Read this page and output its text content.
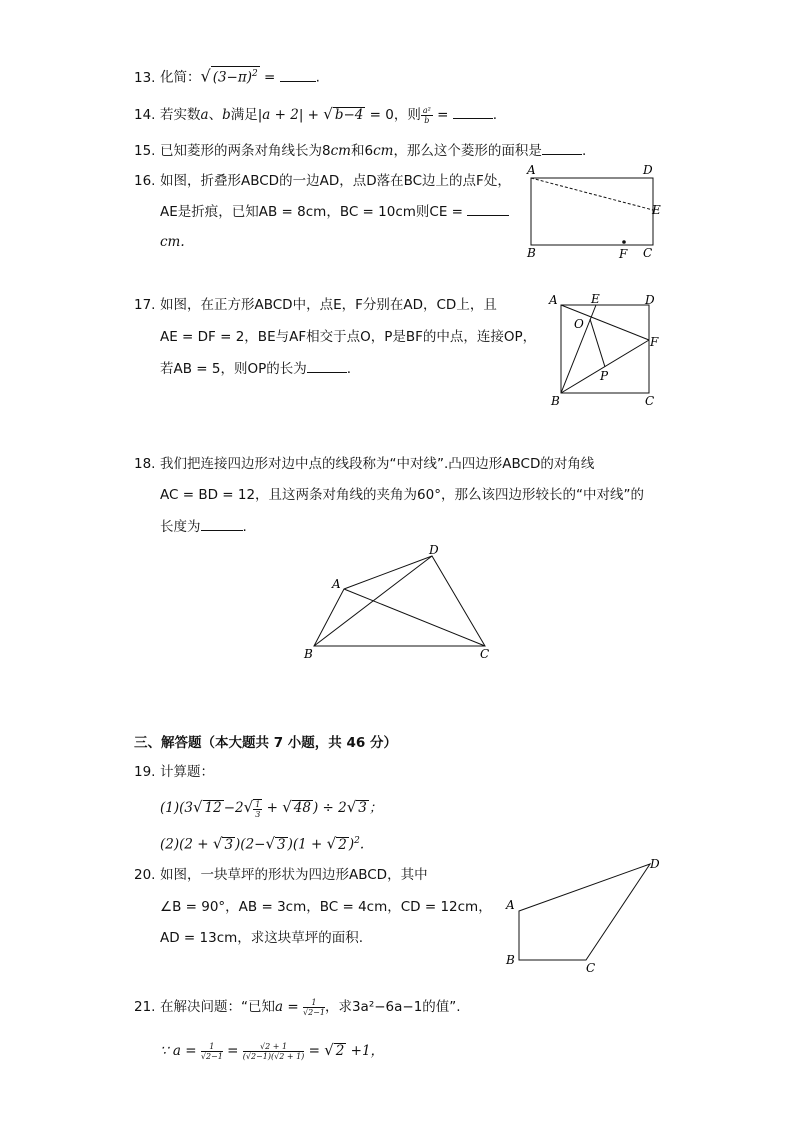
13. 化简：√ $(3-\pi)^2$ =	.
14. 若实数a、b满足|a + 2| + √ b−4 = 0，则 $\frac{\text{a²}}{b}$ =	.
15. 已知菱形的两条对角线长为8cm和6cm，那么这个菱形的面积是	.
16. 如图，折叠形ABCD的一边AD，点D落在BC边上的点F处，
AE是折痕，已知AB = 8cm，BC = 10cm则CE =
cm.
A	D
E
B	F C
17. 如图，在正方形ABCD中，点E，F分别在AD，CD上，且
AE = DF = 2，BE与AF相交于点O，P是BF的中点，连接OP，
若AB = 5，则OP的长为	.
A	E	D
O
F
P
B	C
18. 我们把连接四边形对边中点的线段称为“中对线”.凸四边形ABCD的对角线
AC = BD = 12，且这两条对角线的夹角为60°，那么该四边形较长的“中对线”的
长度为	.
A
D
B	C
三、解答题（本大题共 7 小题，共 46 分）
19. 计算题：
(1)(3√ $12 -2√ \frac{1}{3}$ + √ 48 ) ÷ 2√ 3 ；
(2)(2 + √ 3 )(2−√ 3 )(1 + √ 2 )$^2$.
20. 如图，一块草坪的形状为四边形ABCD，其中
∠B = 90°，AB = 3cm，BC = 4cm，CD = 12cm，
AD = 13cm，求这块草坪的面积.
A
D
B
C
21. 在解决问题：“已知$a = \frac{1}{√2-1}$ ，求3a²−6a−1的值”.
∵ $a = \frac{1}{√2-1} = \frac{√2 + 1}{(√2-1)(√2 + 1)}$ = √ 2 +1，
